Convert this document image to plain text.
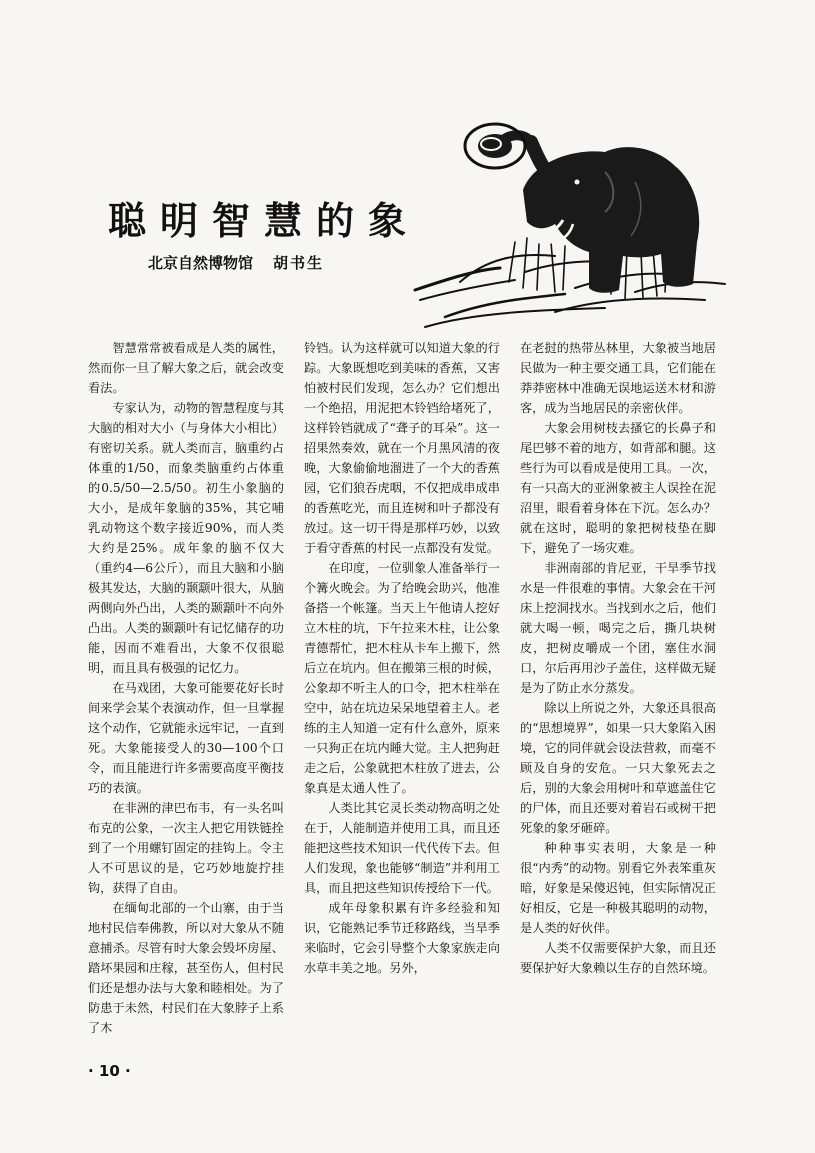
聪明智慧的象
北京自然博物馆 胡书生

智慧常常被看成是人类的属性，然而你一旦了解大象之后，就会改变看法。

专家认为，动物的智慧程度与其大脑的相对大小（与身体大小相比）有密切关系。就人类而言，脑重约占体重的1/50，而象类脑重约占体重的0.5/50—2.5/50。初生小象脑的大小，是成年象脑的35%，其它哺乳动物这个数字接近90%，而人类大约是25%。成年象的脑不仅大（重约4—6公斤），而且大脑和小脑极其发达，大脑的颞颥叶很大，从脑两侧向外凸出，人类的颞颥叶不向外凸出。人类的颞颥叶有记忆储存的功能，因而不难看出，大象不仅很聪明，而且具有极强的记忆力。

在马戏团，大象可能要花好长时间来学会某个表演动作，但一旦掌握这个动作，它就能永远牢记，一直到死。大象能接受人的30—100个口令，而且能进行许多需要高度平衡技巧的表演。

在非洲的津巴布韦，有一头名叫布克的公象，一次主人把它用铁链拴到了一个用螺钉固定的挂钩上。令主人不可思议的是，它巧妙地旋拧挂钩，获得了自由。

在缅甸北部的一个山寨，由于当地村民信奉佛教，所以对大象从不随意捕杀。尽管有时大象会毁坏房屋、踏坏果园和庄稼，甚至伤人，但村民们还是想办法与大象和睦相处。为了防患于未然，村民们在大象脖子上系了木

铃铛。认为这样就可以知道大象的行踪。大象既想吃到美味的香蕉，又害怕被村民们发现，怎么办？它们想出一个绝招，用泥把木铃铛给堵死了，这样铃铛就成了“聋子的耳朵”。这一招果然奏效，就在一个月黑风清的夜晚，大象偷偷地溜进了一个大的香蕉园，它们狼吞虎咽，不仅把成串成串的香蕉吃光，而且连树和叶子都没有放过。这一切干得是那样巧妙，以致于看守香蕉的村民一点都没有发觉。

在印度，一位驯象人准备举行一个篝火晚会。为了给晚会助兴，他准备搭一个帐篷。当天上午他请人挖好立木柱的坑，下午拉来木柱，让公象青德帮忙，把木柱从卡车上搬下，然后立在坑内。但在搬第三根的时候，公象却不听主人的口令，把木柱举在空中，站在坑边呆呆地望着主人。老练的主人知道一定有什么意外，原来一只狗正在坑内睡大觉。主人把狗赶走之后，公象就把木柱放了进去，公象真是太通人性了。

人类比其它灵长类动物高明之处在于，人能制造并使用工具，而且还能把这些技术知识一代代传下去。但人们发现，象也能够“制造”并利用工具，而且把这些知识传授给下一代。

成年母象积累有许多经验和知识，它能熟记季节迁移路线，当旱季来临时，它会引导整个大象家族走向水草丰美之地。另外，

在老挝的热带丛林里，大象被当地居民做为一种主要交通工具，它们能在莽莽密林中准确无误地运送木材和游客，成为当地居民的亲密伙伴。

大象会用树枝去搔它的长鼻子和尾巴够不着的地方，如背部和腿。这些行为可以看成是使用工具。一次，有一只高大的亚洲象被主人误拴在泥沼里，眼看着身体在下沉。怎么办？就在这时，聪明的象把树枝垫在脚下，避免了一场灾难。

非洲南部的肯尼亚，干旱季节找水是一件很难的事情。大象会在干河床上挖洞找水。当找到水之后，他们就大喝一顿，喝完之后，撕几块树皮，把树皮嚼成一个团，塞住水洞口，尔后再用沙子盖住，这样做无疑是为了防止水分蒸发。

除以上所说之外，大象还具很高的“思想境界”，如果一只大象陷入困境，它的同伴就会设法营救，而毫不顾及自身的安危。一只大象死去之后，别的大象会用树叶和草遮盖住它的尸体，而且还要对着岩石或树干把死象的象牙砸碎。

种种事实表明，大象是一种很“内秀”的动物。别看它外表笨重灰暗，好象是呆傻迟钝，但实际情况正好相反，它是一种极其聪明的动物，是人类的好伙伴。

人类不仅需要保护大象，而且还要保护好大象赖以生存的自然环境。

· 10 ·
